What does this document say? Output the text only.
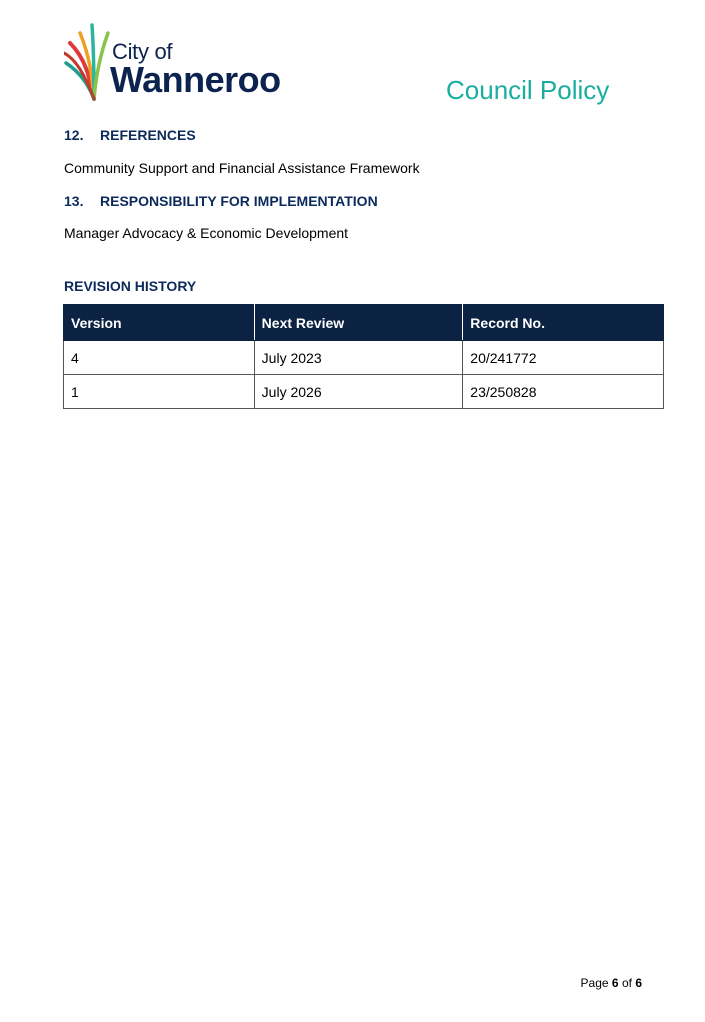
City of
Wanneroo	Council Policy
12. REFERENCES
Community Support and Financial Assistance Framework
13. RESPONSIBILITY FOR IMPLEMENTATION
Manager Advocacy & Economic Development
REVISION HISTORY
Version	Next Review	Record No.
4	July 2023	20/241772
1	July 2026	23/250828
Page 6 of 6
